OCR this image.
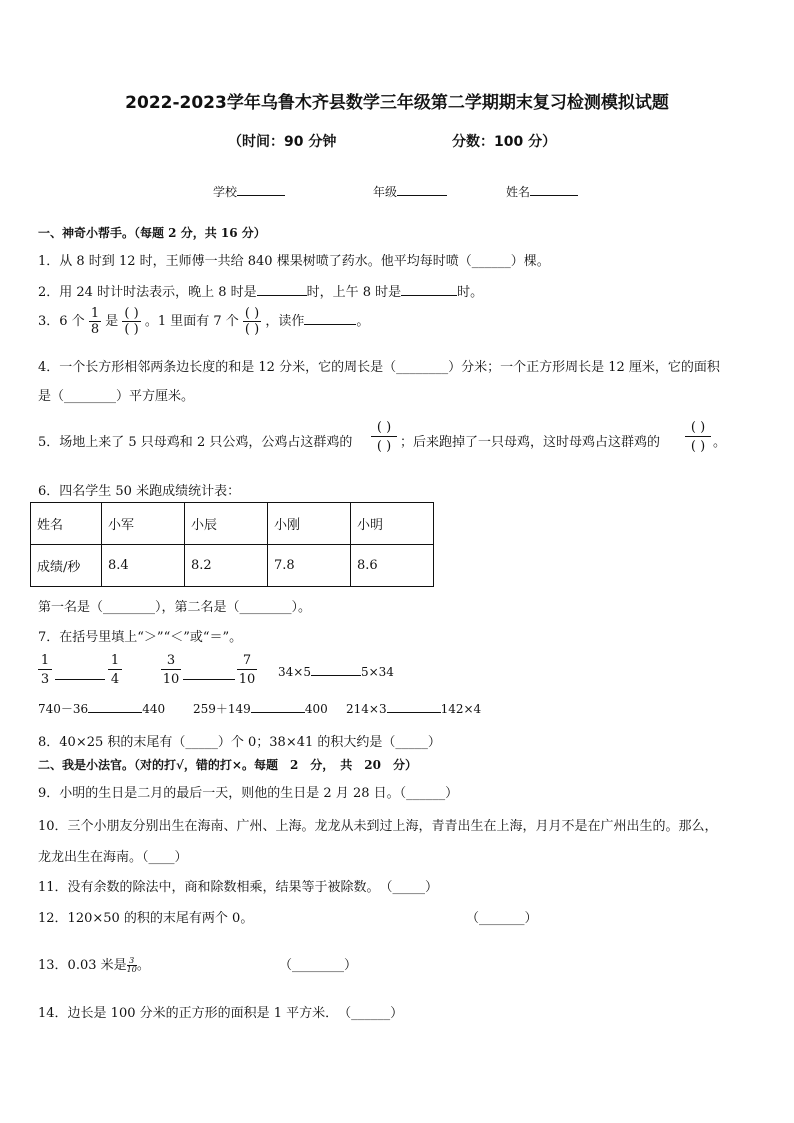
2022-2023学年乌鲁木齐县数学三年级第二学期期末复习检测模拟试题
（时间：90 分钟	分数：100 分）
学校	年级	姓名
一、神奇小帮手。（每题 2 分，共 16 分）
1．从 8 时到 12 时，王师傅一共给 840 棵果树喷了药水。他平均每时喷（______）棵。
2．用 24 时计时法表示，晚上 8 时是	时，上午 8 时是	时。
3．6 个 $\frac{1}{8}$ 是 $\frac{( )}{( )}$ 。1 里面有 7 个 $\frac{( )}{( )}$ ，读作	。
4．一个长方形相邻两条边长度的和是 12 分米，它的周长是（________）分米；一个正方形周长是 12 厘米，它的面积
是（________）平方厘米。
5．场地上来了 5 只母鸡和 2 只公鸡，公鸡占这群鸡的
( )
( ) ；后来跑掉了一只母鸡，这时母鸡占这群鸡的
( )
( ) 。
6．四名学生 50 米跑成绩统计表：
姓名	小军	小辰	小刚	小明
成绩/秒	8.4	8.2	7.8	8.6
第一名是（________），第二名是（________）。
7．在括号里填上“＞”“＜”或“＝”。
1
3
1
4
3
10
7
10 34×5	5×34
740－36	440 259＋149	400 214×3	142×4
8．40×25 积的末尾有（_____）个 0；38×41 的积大约是（_____）
二、我是小法官。（对的打√，错的打×。每题　2　分，　共　20　分）
9．小明的生日是二月的最后一天，则他的生日是 2 月 28 日。（______）
10．三个小朋友分别出生在海南、广州、上海。龙龙从未到过上海，青青出生在上海，月月不是在广州出生的。那么，
龙龙出生在海南。（____）
11．没有余数的除法中，商和除数相乘，结果等于被除数。　（_____）
12．120×50 的积的末尾有两个 0。	（_______）
13．0.03 米是 $\frac{3}{10}$ 。	（________）
14．边长是 100 分米的正方形的面积是 1 平方米．　（______）
